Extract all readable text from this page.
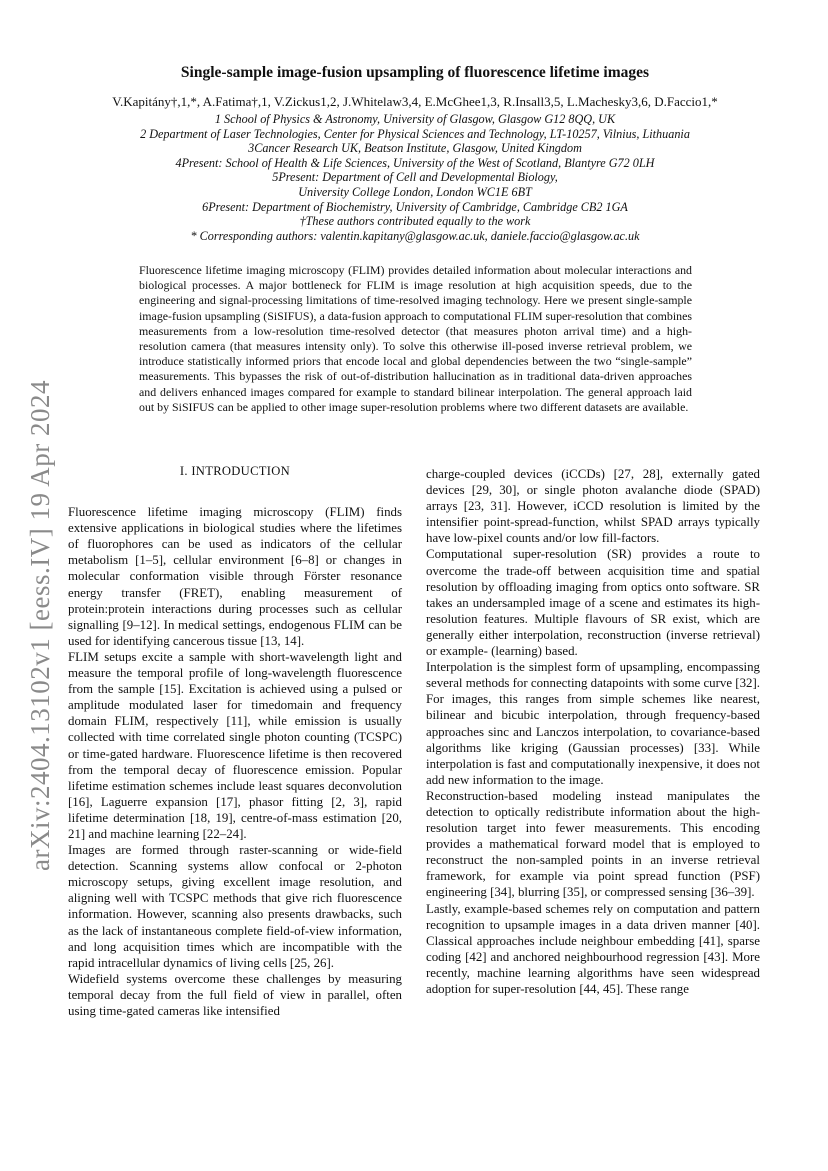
arXiv:2404.13102v1 [eess.IV] 19 Apr 2024
Single-sample image-fusion upsampling of fluorescence lifetime images
V.Kapitány†,1,*, A.Fatima†,1, V.Zickus1,2, J.Whitelaw3,4, E.McGhee1,3, R.Insall3,5, L.Machesky3,6, D.Faccio1,*
1 School of Physics & Astronomy, University of Glasgow, Glasgow G12 8QQ, UK
2 Department of Laser Technologies, Center for Physical Sciences and Technology, LT-10257, Vilnius, Lithuania
3Cancer Research UK, Beatson Institute, Glasgow, United Kingdom
4Present: School of Health & Life Sciences, University of the West of Scotland, Blantyre G72 0LH
5Present: Department of Cell and Developmental Biology,
University College London, London WC1E 6BT
6Present: Department of Biochemistry, University of Cambridge, Cambridge CB2 1GA
†These authors contributed equally to the work
* Corresponding authors: valentin.kapitany@glasgow.ac.uk, daniele.faccio@glasgow.ac.uk
Fluorescence lifetime imaging microscopy (FLIM) provides detailed information about molecular interactions and biological processes. A major bottleneck for FLIM is image resolution at high acquisition speeds, due to the engineering and signal-processing limitations of time-resolved imaging technology. Here we present single-sample image-fusion upsampling (SiSIFUS), a data-fusion approach to computational FLIM super-resolution that combines measurements from a low-resolution time-resolved detector (that measures photon arrival time) and a high-resolution camera (that measures intensity only). To solve this otherwise ill-posed inverse retrieval problem, we introduce statistically informed priors that encode local and global dependencies between the two “single-sample” measurements. This bypasses the risk of out-of-distribution hallucination as in traditional data-driven approaches and delivers enhanced images compared for example to standard bilinear interpolation. The general approach laid out by SiSIFUS can be applied to other image super-resolution problems where two different datasets are available.
I. INTRODUCTION

Fluorescence lifetime imaging microscopy (FLIM) finds extensive applications in biological studies where the lifetimes of fluorophores can be used as indicators of the cellular metabolism [1–5], cellular environment [6–8] or changes in molecular conformation visible through Förster resonance energy transfer (FRET), enabling measurement of protein:protein interactions during processes such as cellular signalling [9–12]. In medical settings, endogenous FLIM can be used for identifying cancerous tissue [13, 14].

FLIM setups excite a sample with short-wavelength light and measure the temporal profile of long-wavelength fluorescence from the sample [15]. Excitation is achieved using a pulsed or amplitude modulated laser for timedomain and frequency domain FLIM, respectively [11], while emission is usually collected with time correlated single photon counting (TCSPC) or time-gated hardware. Fluorescence lifetime is then recovered from the temporal decay of fluorescence emission. Popular lifetime estimation schemes include least squares deconvolution [16], Laguerre expansion [17], phasor fitting [2, 3], rapid lifetime determination [18, 19], centre-of-mass estimation [20, 21] and machine learning [22–24].

Images are formed through raster-scanning or wide-field detection. Scanning systems allow confocal or 2-photon microscopy setups, giving excellent image resolution, and aligning well with TCSPC methods that give rich fluorescence information. However, scanning also presents drawbacks, such as the lack of instantaneous complete field-of-view information, and long acquisition times which are incompatible with the rapid intracellular dynamics of living cells [25, 26].

Widefield systems overcome these challenges by measuring temporal decay from the full field of view in parallel, often using time-gated cameras like intensified

charge-coupled devices (iCCDs) [27, 28], externally gated devices [29, 30], or single photon avalanche diode (SPAD) arrays [23, 31]. However, iCCD resolution is limited by the intensifier point-spread-function, whilst SPAD arrays typically have low-pixel counts and/or low fill-factors.

Computational super-resolution (SR) provides a route to overcome the trade-off between acquisition time and spatial resolution by offloading imaging from optics onto software. SR takes an undersampled image of a scene and estimates its high-resolution features. Multiple flavours of SR exist, which are generally either interpolation, reconstruction (inverse retrieval) or example- (learning) based.

Interpolation is the simplest form of upsampling, encompassing several methods for connecting datapoints with some curve [32]. For images, this ranges from simple schemes like nearest, bilinear and bicubic interpolation, through frequency-based approaches sinc and Lanczos interpolation, to covariance-based algorithms like kriging (Gaussian processes) [33]. While interpolation is fast and computationally inexpensive, it does not add new information to the image.

Reconstruction-based modeling instead manipulates the detection to optically redistribute information about the high-resolution target into fewer measurements. This encoding provides a mathematical forward model that is employed to reconstruct the non-sampled points in an inverse retrieval framework, for example via point spread function (PSF) engineering [34], blurring [35], or compressed sensing [36–39].

Lastly, example-based schemes rely on computation and pattern recognition to upsample images in a data driven manner [40]. Classical approaches include neighbour embedding [41], sparse coding [42] and anchored neighbourhood regression [43]. More recently, machine learning algorithms have seen widespread adoption for super-resolution [44, 45]. These range
